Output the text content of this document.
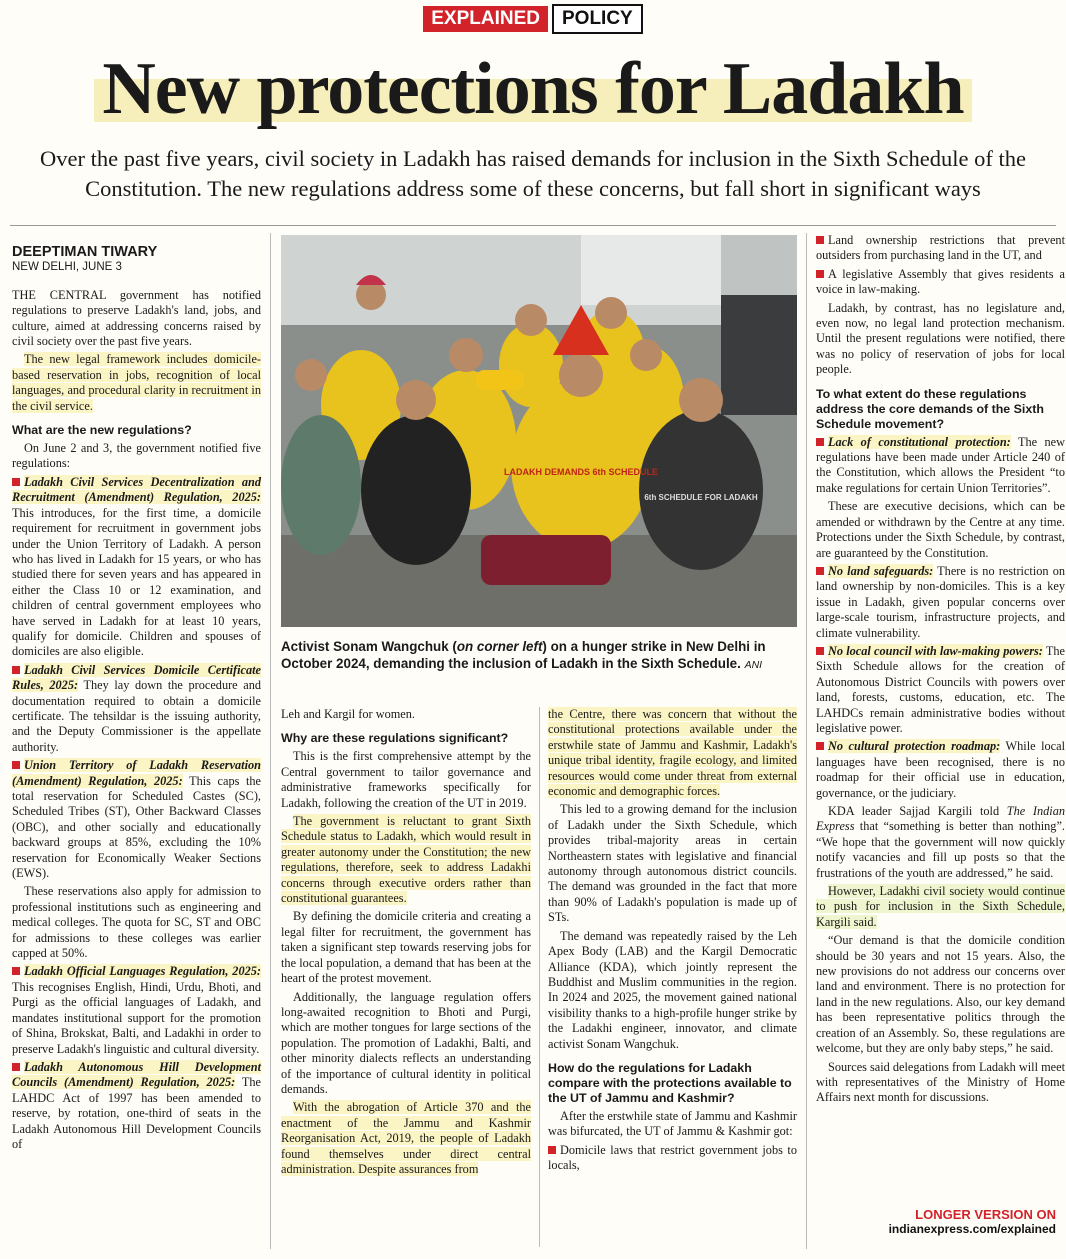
EXPLAINED POLICY
New protections for Ladakh
Over the past five years, civil society in Ladakh has raised demands for inclusion in the Sixth Schedule of the Constitution. The new regulations address some of these concerns, but fall short in significant ways
DEEPTIMAN TIWARY
NEW DELHI, JUNE 3

THE CENTRAL government has notified regulations to preserve Ladakh's land, jobs, and culture, aimed at addressing concerns raised by civil society over the past five years.

The new legal framework includes domicile-based reservation in jobs, recognition of local languages, and procedural clarity in recruitment in the civil service.

What are the new regulations?

On June 2 and 3, the government notified five regulations:

Ladakh Civil Services Decentralization and Recruitment (Amendment) Regulation, 2025: This introduces, for the first time, a domicile requirement for recruitment in government jobs under the Union Territory of Ladakh. A person who has lived in Ladakh for 15 years, or who has studied there for seven years and has appeared in either the Class 10 or 12 examination, and children of central government employees who have served in Ladakh for at least 10 years, qualify for domicile. Children and spouses of domiciles are also eligible.

Ladakh Civil Services Domicile Certificate Rules, 2025: They lay down the procedure and documentation required to obtain a domicile certificate. The tehsildar is the issuing authority, and the Deputy Commissioner is the appellate authority.

Union Territory of Ladakh Reservation (Amendment) Regulation, 2025: This caps the total reservation for Scheduled Castes (SC), Scheduled Tribes (ST), Other Backward Classes (OBC), and other socially and educationally backward groups at 85%, excluding the 10% reservation for Economically Weaker Sections (EWS).

These reservations also apply for admission to professional institutions such as engineering and medical colleges. The quota for SC, ST and OBC for admissions to these colleges was earlier capped at 50%.

Ladakh Official Languages Regulation, 2025: This recognises English, Hindi, Urdu, Bhoti, and Purgi as the official languages of Ladakh, and mandates institutional support for the promotion of Shina, Brokskat, Balti, and Ladakhi in order to preserve Ladakh's linguistic and cultural diversity.

Ladakh Autonomous Hill Development Councils (Amendment) Regulation, 2025: The LAHDC Act of 1997 has been amended to reserve, by rotation, one-third of seats in the Ladakh Autonomous Hill Development Councils of

LADAKH DEMANDS 6th SCHEDULE
6th SCHEDULE FOR LADAKH
Activist Sonam Wangchuk (on corner left) on a hunger strike in New Delhi in October 2024, demanding the inclusion of Ladakh in the Sixth Schedule. ANI

Leh and Kargil for women.

Why are these regulations significant?

This is the first comprehensive attempt by the Central government to tailor governance and administrative frameworks specifically for Ladakh, following the creation of the UT in 2019.

The government is reluctant to grant Sixth Schedule status to Ladakh, which would result in greater autonomy under the Constitution; the new regulations, therefore, seek to address Ladakhi concerns through executive orders rather than constitutional guarantees.

By defining the domicile criteria and creating a legal filter for recruitment, the government has taken a significant step towards reserving jobs for the local population, a demand that has been at the heart of the protest movement.

Additionally, the language regulation offers long-awaited recognition to Bhoti and Purgi, which are mother tongues for large sections of the population. The promotion of Ladakhi, Balti, and other minority dialects reflects an understanding of the importance of cultural identity in political demands.

With the abrogation of Article 370 and the enactment of the Jammu and Kashmir Reorganisation Act, 2019, the people of Ladakh found themselves under direct central administration. Despite assurances from

the Centre, there was concern that without the constitutional protections available under the erstwhile state of Jammu and Kashmir, Ladakh's unique tribal identity, fragile ecology, and limited resources would come under threat from external economic and demographic forces.

This led to a growing demand for the inclusion of Ladakh under the Sixth Schedule, which provides tribal-majority areas in certain Northeastern states with legislative and financial autonomy through autonomous district councils. The demand was grounded in the fact that more than 90% of Ladakh's population is made up of STs.

The demand was repeatedly raised by the Leh Apex Body (LAB) and the Kargil Democratic Alliance (KDA), which jointly represent the Buddhist and Muslim communities in the region. In 2024 and 2025, the movement gained national visibility thanks to a high-profile hunger strike by the Ladakhi engineer, innovator, and climate activist Sonam Wangchuk.

How do the regulations for Ladakh compare with the protections available to the UT of Jammu and Kashmir?

After the erstwhile state of Jammu and Kashmir was bifurcated, the UT of Jammu & Kashmir got:

Domicile laws that restrict government jobs to locals,

Land ownership restrictions that prevent outsiders from purchasing land in the UT, and

A legislative Assembly that gives residents a voice in law-making.

Ladakh, by contrast, has no legislature and, even now, no legal land protection mechanism. Until the present regulations were notified, there was no policy of reservation of jobs for local people.

To what extent do these regulations address the core demands of the Sixth Schedule movement?

Lack of constitutional protection: The new regulations have been made under Article 240 of the Constitution, which allows the President “to make regulations for certain Union Territories”.

These are executive decisions, which can be amended or withdrawn by the Centre at any time. Protections under the Sixth Schedule, by contrast, are guaranteed by the Constitution.

No land safeguards: There is no restriction on land ownership by non-domiciles. This is a key issue in Ladakh, given popular concerns over large-scale tourism, infrastructure projects, and climate vulnerability.

No local council with law-making powers: The Sixth Schedule allows for the creation of Autonomous District Councils with powers over land, forests, customs, education, etc. The LAHDCs remain administrative bodies without legislative power.

No cultural protection roadmap: While local languages have been recognised, there is no roadmap for their official use in education, governance, or the judiciary.

KDA leader Sajjad Kargili told The Indian Express that “something is better than nothing”. “We hope that the government will now quickly notify vacancies and fill up posts so that the frustrations of the youth are addressed,” he said.

However, Ladakhi civil society would continue to push for inclusion in the Sixth Schedule, Kargili said.

“Our demand is that the domicile condition should be 30 years and not 15 years. Also, the new provisions do not address our concerns over land and environment. There is no protection for land in the new regulations. Also, our key demand has been representative politics through the creation of an Assembly. So, these regulations are welcome, but they are only baby steps,” he said.

Sources said delegations from Ladakh will meet with representatives of the Ministry of Home Affairs next month for discussions.

LONGER VERSION ON
indianexpress.com/explained
